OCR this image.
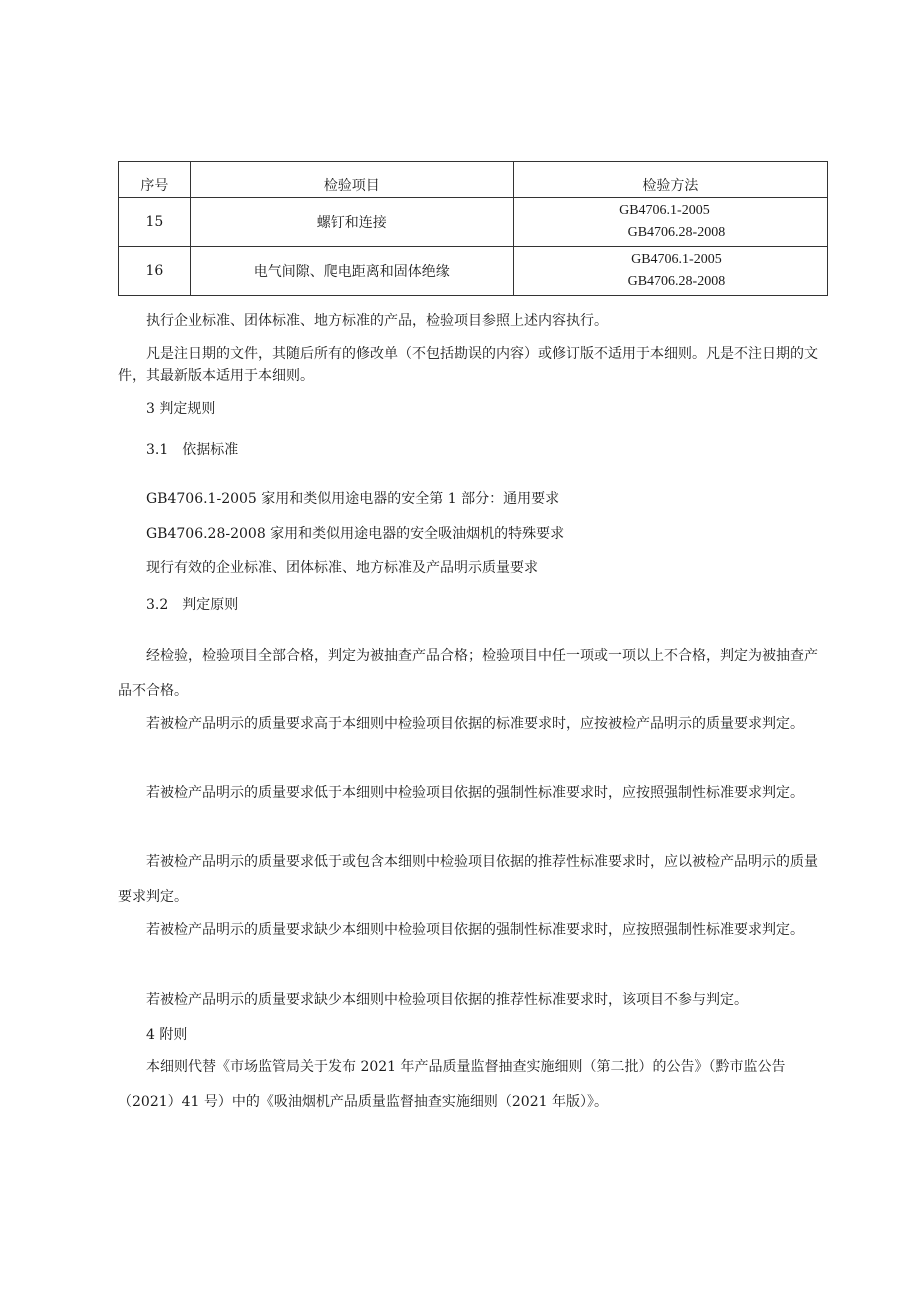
序号	检验项目	检验方法

15	螺钉和连接	GB4706.1-2005
GB4706.28-2008

16	电气间隙、爬电距离和固体绝缘	GB4706.1-2005
GB4706.28-2008

执行企业标准、团体标准、地方标准的产品，检验项目参照上述内容执行。

凡是注日期的文件，其随后所有的修改单（不包括勘误的内容）或修订版不适用于本细则。凡是不注日期的文件，其最新版本适用于本细则。

3 判定规则

3.1　依据标准

GB4706.1-2005 家用和类似用途电器的安全第 1 部分：通用要求

GB4706.28-2008 家用和类似用途电器的安全吸油烟机的特殊要求

现行有效的企业标准、团体标准、地方标准及产品明示质量要求

3.2　判定原则

经检验，检验项目全部合格，判定为被抽查产品合格；检验项目中任一项或一项以上不合格，判定为被抽查产品不合格。

若被检产品明示的质量要求高于本细则中检验项目依据的标准要求时，应按被检产品明示的质量要求判定。

若被检产品明示的质量要求低于本细则中检验项目依据的强制性标准要求时，应按照强制性标准要求判定。

若被检产品明示的质量要求低于或包含本细则中检验项目依据的推荐性标准要求时，应以被检产品明示的质量要求判定。

若被检产品明示的质量要求缺少本细则中检验项目依据的强制性标准要求时，应按照强制性标准要求判定。

若被检产品明示的质量要求缺少本细则中检验项目依据的推荐性标准要求时，该项目不参与判定。

4 附则

本细则代替《市场监管局关于发布 2021 年产品质量监督抽查实施细则（第二批）的公告》（黔市监公告（2021）41 号）中的《吸油烟机产品质量监督抽查实施细则（2021 年版）》。
